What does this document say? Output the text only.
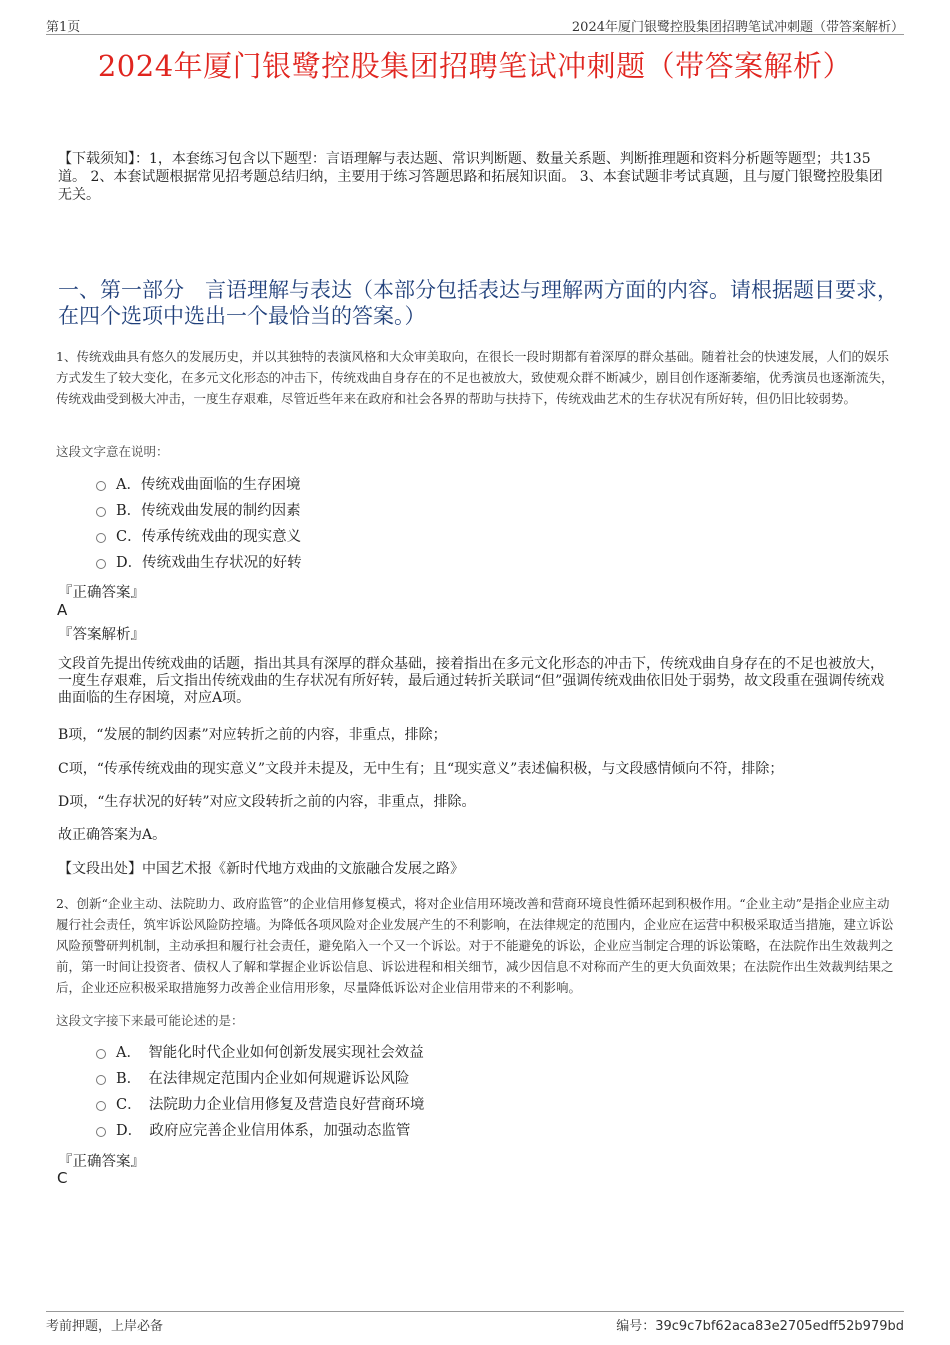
第1页	2024年厦门银鹭控股集团招聘笔试冲刺题（带答案解析）
2024年厦门银鹭控股集团招聘笔试冲刺题（带答案解析）
【下载须知】：1，本套练习包含以下题型：言语理解与表达题、常识判断题、数量关系题、判断推理题和资料分析题等题型；共135道。 2、本套试题根据常见招考题总结归纳，主要用于练习答题思路和拓展知识面。 3、本套试题非考试真题，且与厦门银鹭控股集团无关。
一、第一部分　言语理解与表达（本部分包括表达与理解两方面的内容。请根据题目要求，在四个选项中选出一个最恰当的答案。）
1、传统戏曲具有悠久的发展历史，并以其独特的表演风格和大众审美取向，在很长一段时期都有着深厚的群众基础。随着社会的快速发展，人们的娱乐方式发生了较大变化，在多元文化形态的冲击下，传统戏曲自身存在的不足也被放大，致使观众群不断减少，剧目创作逐渐萎缩，优秀演员也逐渐流失，传统戏曲受到极大冲击，一度生存艰难，尽管近些年来在政府和社会各界的帮助与扶持下，传统戏曲艺术的生存状况有所好转，但仍旧比较弱势。
这段文字意在说明：
A．传统戏曲面临的生存困境
B．传统戏曲发展的制约因素
C．传承传统戏曲的现实意义
D．传统戏曲生存状况的好转
『正确答案』
A
『答案解析』
文段首先提出传统戏曲的话题，指出其具有深厚的群众基础，接着指出在多元文化形态的冲击下，传统戏曲自身存在的不足也被放大，一度生存艰难，后文指出传统戏曲的生存状况有所好转，最后通过转折关联词“但”强调传统戏曲依旧处于弱势，故文段重在强调传统戏曲面临的生存困境，对应A项。
B项，“发展的制约因素”对应转折之前的内容，非重点，排除；
C项，“传承传统戏曲的现实意义”文段并未提及，无中生有；且“现实意义”表述偏积极，与文段感情倾向不符，排除；
D项，“生存状况的好转”对应文段转折之前的内容，非重点，排除。
故正确答案为A。
【文段出处】中国艺术报《新时代地方戏曲的文旅融合发展之路》
2、创新“企业主动、法院助力、政府监管”的企业信用修复模式，将对企业信用环境改善和营商环境良性循环起到积极作用。“企业主动”是指企业应主动履行社会责任，筑牢诉讼风险防控墙。为降低各项风险对企业发展产生的不利影响，在法律规定的范围内，企业应在运营中积极采取适当措施，建立诉讼风险预警研判机制，主动承担和履行社会责任，避免陷入一个又一个诉讼。对于不能避免的诉讼，企业应当制定合理的诉讼策略，在法院作出生效裁判之前，第一时间让投资者、债权人了解和掌握企业诉讼信息、诉讼进程和相关细节，减少因信息不对称而产生的更大负面效果；在法院作出生效裁判结果之后，企业还应积极采取措施努力改善企业信用形象，尽量降低诉讼对企业信用带来的不利影响。
这段文字接下来最可能论述的是：
A．　智能化时代企业如何创新发展实现社会效益
B．　在法律规定范围内企业如何规避诉讼风险
C．　法院助力企业信用修复及营造良好营商环境
D．　政府应完善企业信用体系，加强动态监管
『正确答案』
C
考前押题，上岸必备	编号：39c9c7bf62aca83e2705edff52b979bd
